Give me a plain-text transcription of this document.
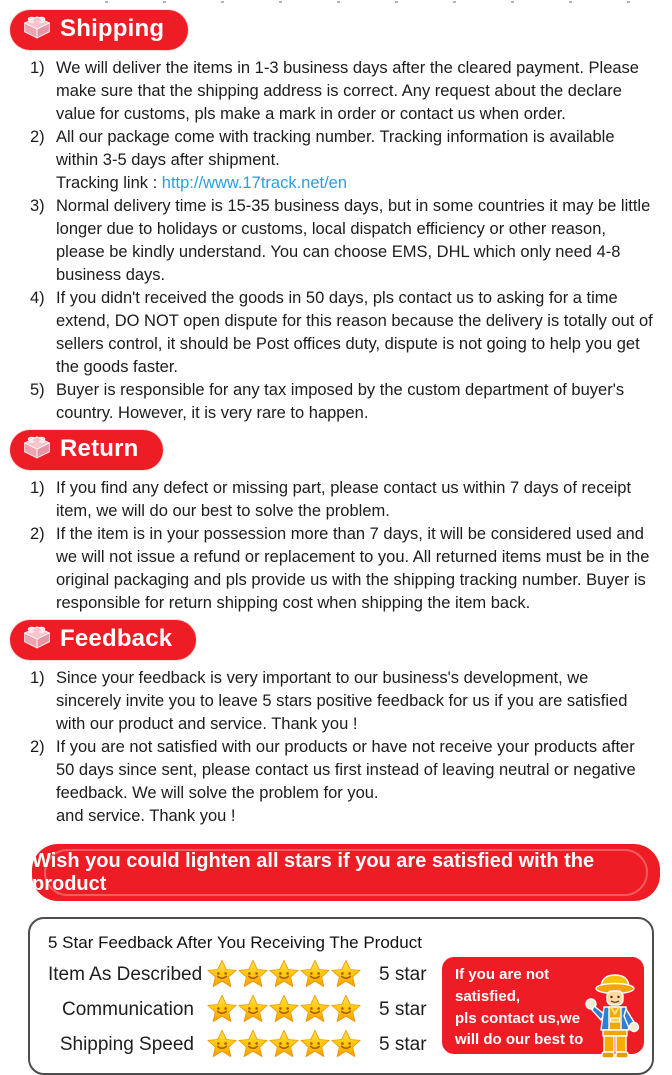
Shipping
1) We will deliver the items in 1-3 business days after the cleared payment. Please make sure that the shipping address is correct. Any request about the declare value for customs, pls make a mark in order or contact us when order.
2) All our package come with tracking number. Tracking information is available within 3-5 days after shipment.
Tracking link : http://www.17track.net/en
3) Normal delivery time is 15-35 business days, but in some countries it may be little longer due to holidays or customs, local dispatch efficiency or other reason, please be kindly understand. You can choose EMS, DHL which only need 4-8 business days.
4) If you didn't received the goods in 50 days, pls contact us to asking for a time extend, DO NOT open dispute for this reason because the delivery is totally out of sellers control, it should be Post offices duty, dispute is not going to help you get the goods faster.
5) Buyer is responsible for any tax imposed by the custom department of buyer's country. However, it is very rare to happen.
Return
1) If you find any defect or missing part, please contact us within 7 days of receipt item, we will do our best to solve the problem.
2) If the item is in your possession more than 7 days, it will be considered used and we will not issue a refund or replacement to you. All returned items must be in the original packaging and pls provide us with the shipping tracking number. Buyer is responsible for return shipping cost when shipping the item back.
Feedback
1) Since your feedback is very important to our business's development, we sincerely invite you to leave 5 stars positive feedback for us if you are satisfied with our product and service. Thank you !
2) If you are not satisfied with our products or have not receive your products after 50 days since sent, please contact us first instead of leaving neutral or negative feedback. We will solve the problem for you.
and service. Thank you !
Wish you could lighten all stars if you are satisfied with the product
5 Star Feedback After You Receiving The Product
Item As Described	5 star
Communication	5 star
Shipping Speed	5 star
If you are not satisfied,
pls contact us,we
will do our best to
solve it.
